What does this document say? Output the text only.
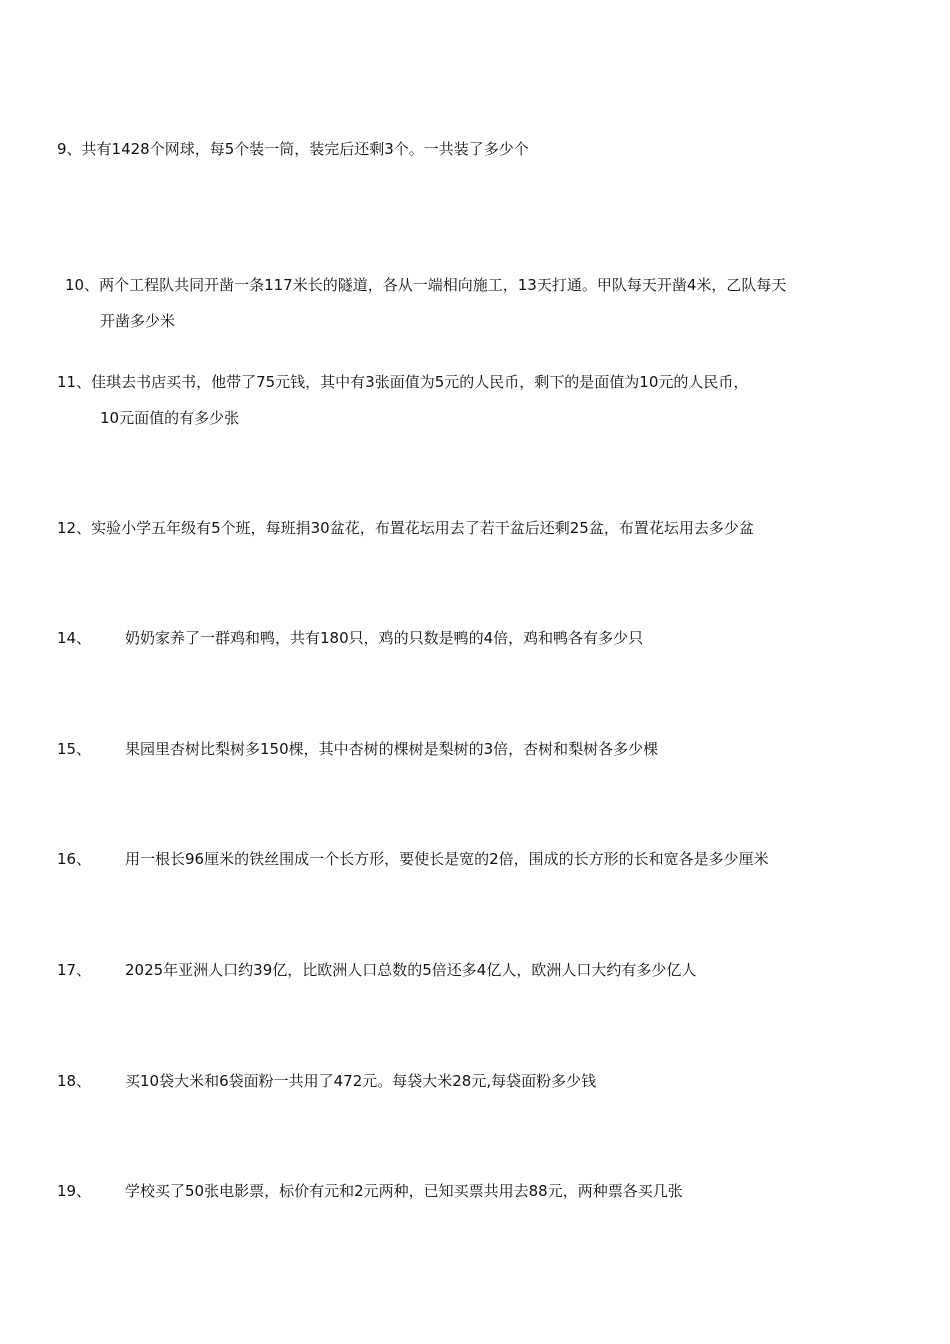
9、共有1428个网球，每5个装一筒，装完后还剩3个。一共装了多少个
10、两个工程队共同开凿一条117米长的隧道，各从一端相向施工，13天打通。甲队每天开凿4米，乙队每天
开凿多少米
11、佳琪去书店买书，他带了75元钱，其中有3张面值为5元的人民币，剩下的是面值为10元的人民币，
10元面值的有多少张
12、实验小学五年级有5个班，每班捐30盆花，布置花坛用去了若干盆后还剩25盆，布置花坛用去多少盆
14、 奶奶家养了一群鸡和鸭，共有180只，鸡的只数是鸭的4倍，鸡和鸭各有多少只
15、 果园里杏树比梨树多150棵，其中杏树的棵树是梨树的3倍，杏树和梨树各多少棵
16、 用一根长96厘米的铁丝围成一个长方形，要使长是宽的2倍，围成的长方形的长和宽各是多少厘米
17、 2025年亚洲人口约39亿，比欧洲人口总数的5倍还多4亿人，欧洲人口大约有多少亿人
18、 买10袋大米和6袋面粉一共用了472元。每袋大米28元,每袋面粉多少钱
19、 学校买了50张电影票，标价有元和2元两种，已知买票共用去88元，两种票各买几张
